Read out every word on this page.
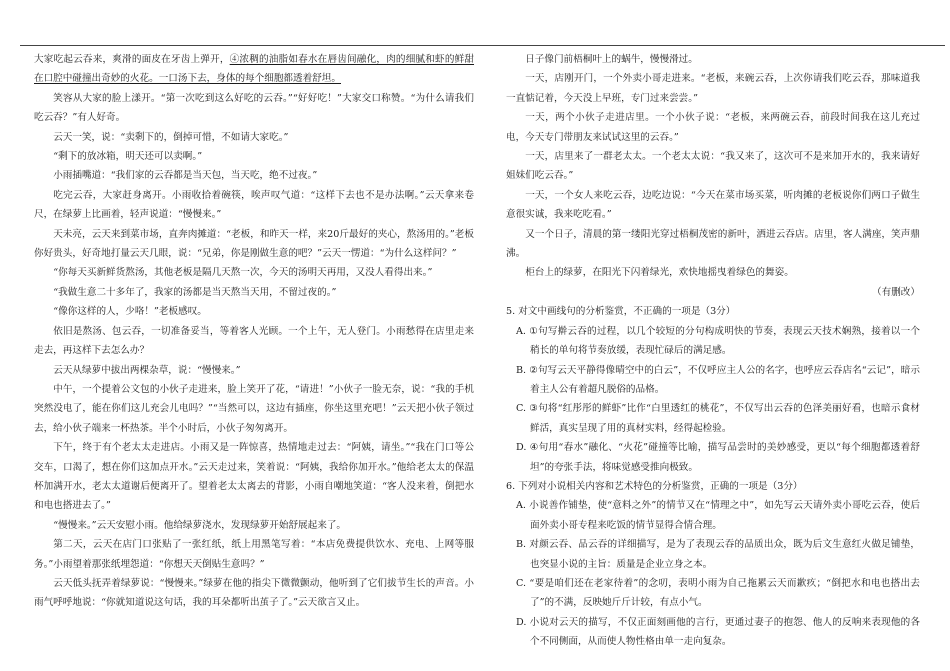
大家吃起云吞来，爽滑的面皮在牙齿上弹开，④浓稠的油脂如春水在唇齿间融化，肉的细腻和虾的鲜甜在口腔中碰撞出奇妙的火花。一口汤下去，身体的每个细胞都透着舒坦。

笑容从大家的脸上漾开。“第一次吃到这么好吃的云吞。”“好好吃！”大家交口称赞。“为什么请我们吃云吞？”有人好奇。

云天一笑，说：“卖剩下的，倒掉可惜，不如请大家吃。”

“剩下的放冰箱，明天还可以卖啊。”

小雨插嘴道：“我们家的云吞都是当天包，当天吃，绝不过夜。”

吃完云吞，大家赶身离开。小雨收拾着碗筷，唉声叹气道：“这样下去也不是办法啊。”云天拿来卷尺，在绿萝上比画着，轻声说道：“慢慢来。”

天未亮，云天来到菜市场，直奔肉摊道：“老板，和昨天一样，来20斤最好的夹心，熬汤用的。”老板你好贵头，好奇地打量云天几眼，说：“兄弟，你是刚做生意的吧？”云天一愣道：“为什么这样问？”

“你每天买新鲜货熬汤，其他老板是隔几天熬一次，今天的汤明天再用，又没人看得出来。”

“我做生意二十多年了，我家的汤都是当天熬当天用，不留过夜的。”

“像你这样的人，少咯！”老板感叹。

依旧是熬汤、包云吞，一切准备妥当，等着客人光顾。一个上午，无人登门。小雨愁得在店里走来走去，再这样下去怎么办？

云天从绿萝中拔出两棵杂草，说：“慢慢来。”

中午，一个提着公文包的小伙子走进来，脸上笑开了花，“请进！”小伙子一脸无奈，说：“我的手机突然没电了，能在你们这儿充会儿电吗？”“当然可以，这边有插座，你坐这里充吧！”云天把小伙子领过去，给小伙子端来一杯热茶。半个小时后，小伙子匆匆离开。

下午，终于有个老太太走进店。小雨又是一阵惊喜，热情地走过去：“阿姨，请坐。”“我在门口等公交车，口渴了，想在你们这加点开水。”云天走过来，笑着说：“阿姨，我给你加开水。”他给老太太的保温杯加满开水，老太太道谢后便离开了。望着老太太离去的背影，小雨自嘲地笑道：“客人没来着，倒把水和电也搭进去了。”

“慢慢来。”云天安慰小雨。他给绿萝浇水，发现绿萝开始舒展起来了。

第二天，云天在店门口张贴了一张红纸，纸上用黑笔写着：“本店免费提供饮水、充电、上网等服务。”小雨望着那张纸埋怨道：“你想天天倒贴生意吗？”

云天低头抚弄着绿萝说：“慢慢来。”绿萝在他的指尖下微微颤动，他听到了它们拔节生长的声音。小雨气呼呼地说：“你就知道说这句话，我的耳朵都听出茧子了。”云天欲言又止。

日子像门前梧桐叶上的蜗牛，慢慢滑过。

一天，店刚开门，一个外卖小哥走进来。“老板，来碗云吞，上次你请我们吃云吞，那味道我一直惦记着，今天没上早班，专门过来尝尝。”

一天，两个小伙子走进店里。一个小伙子说：“老板，来两碗云吞，前段时间我在这儿充过电，今天专门带朋友来试试这里的云吞。”

一天，店里来了一群老太太。一个老太太说：“我又来了，这次可不是来加开水的，我来请好姐妹们吃云吞。”

一天，一个女人来吃云吞，边吃边说：“今天在菜市场买菜，听肉摊的老板说你们两口子做生意很实诚，我来吃吃看。”

又一个日子，清晨的第一缕阳光穿过梧桐茂密的新叶，洒进云吞店。店里，客人满座，笑声鼎沸。

柜台上的绿萝，在阳光下闪着绿光，欢快地摇曳着绿色的舞姿。

（有删改）

5. 对文中画线句的分析鉴赏，不正确的一项是（3分）

A. ①句写擀云吞的过程，以几个较短的分句构成明快的节奏，表现云天技术娴熟，接着以一个稍长的单句将节奏放缓，表现忙碌后的满足感。

B. ②句写云天平静得像晴空中的白云”，不仅呼应主人公的名字，也呼应云吞店名“云记”，暗示着主人公有着超凡脱俗的品格。

C. ③句将“红彤彤的鲜虾”比作“白里透红的桃花”，不仅写出云吞的色泽美丽好看，也暗示食材鲜活，真实呈现了用的真材实料，经得起检验。

D. ④句用“春水”融化、“火花”碰撞等比喻，描写品尝时的美妙感受，更以“每个细胞都透着舒坦”的夸张手法，将味觉感受推向极致。

6. 下列对小说相关内容和艺术特色的分析鉴赏，正确的一项是（3分）

A. 小说善作铺垫，使“意料之外”的情节又在“情理之中”，如先写云天请外卖小哥吃云吞，使后面外卖小哥专程来吃饭的情节显得合情合理。

B. 对颜云吞、品云吞的详细描写，是为了表现云吞的品质出众，既为后文生意红火做足铺垫，也突显小说的主旨：质量是企业立身之本。

C. “要是咱们还在老家待着”的念叨，表明小雨为自己拖累云天而歉疚；“倒把水和电也搭出去了”的不满，反映她斤斤计较，有点小气。

D. 小说对云天的描写，不仅正面刻画他的言行，更通过妻子的抱怨、他人的反响来表现他的各个不同侧面，从而使人物性格由单一走向复杂。
